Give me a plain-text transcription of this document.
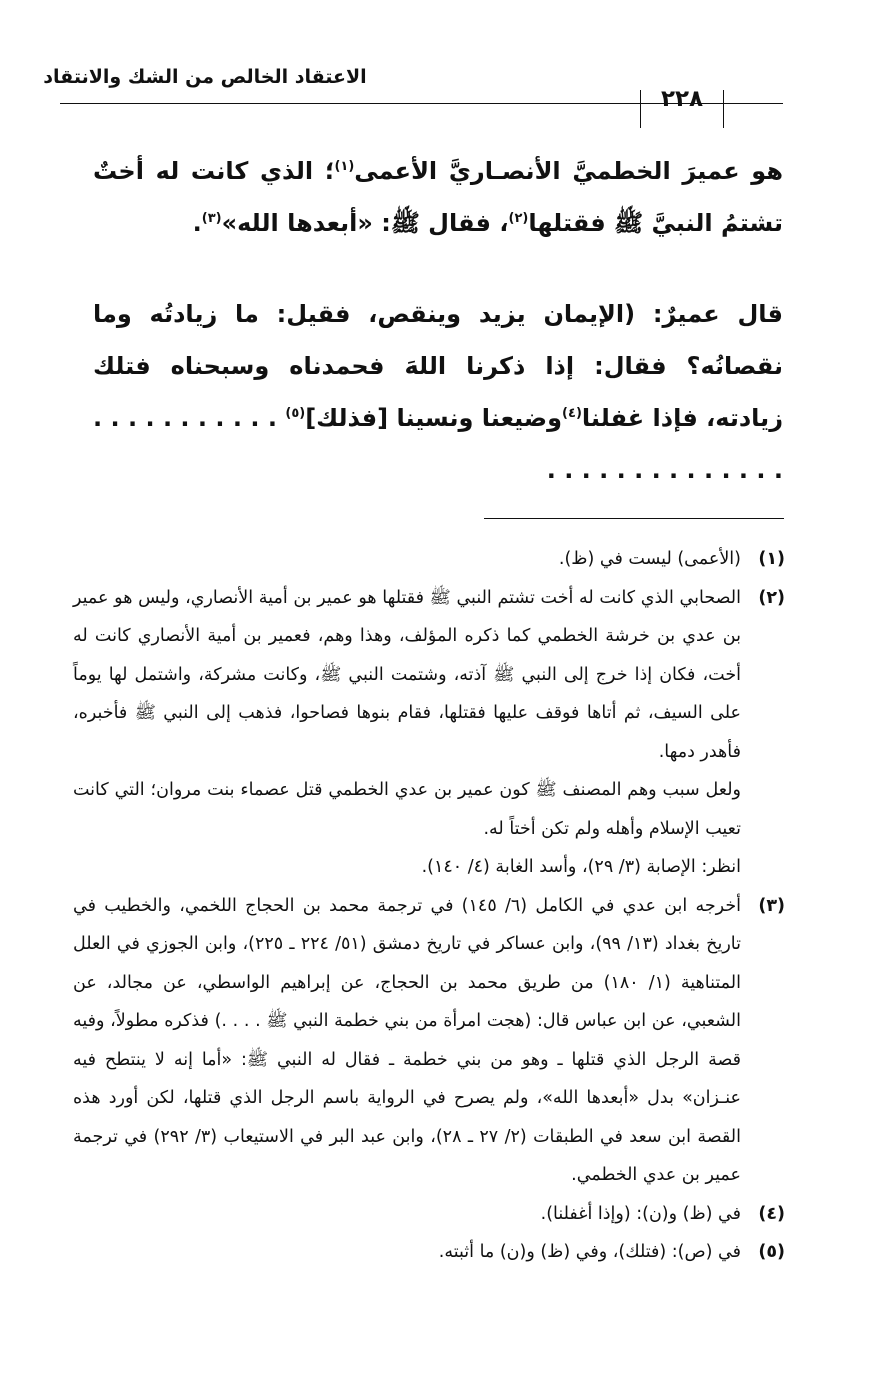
الاعتقاد الخالص من الشك والانتقاد
٢٢٨

هو عميرَ الخطميَّ الأنصـاريَّ الأعمى$^{(١)}$؛ الذي كانت له أختٌ تشتمُ النبيَّ ﷺ فقتلها$^{(٢)}$، فقال ﷺ: «أبعدها الله»$^{(٣)}$.

قال عميرٌ: (الإيمان يزيد وينقص، فقيل: ما زيادتُه وما نقصانُه؟ فقال: إذا ذكرنا اللهَ فحمدناه وسبحناه فتلك زيادته، فإذا غفلنا$^{(٤)}$وضيعنا ونسينا [فذلك]$^{(٥)}$ . . . . . . . . . . . . . . . . . . . . . . . . .

(١)

(الأعمى) ليست في (ظ).

(٢)

الصحابي الذي كانت له أخت تشتم النبي ﷺ فقتلها هو عمير بن أمية الأنصاري، وليس هو عمير بن عدي بن خرشة الخطمي كما ذكره المؤلف، وهذا وهم، فعمير بن أمية الأنصاري كانت له أخت، فكان إذا خرج إلى النبي ﷺ آذته، وشتمت النبي ﷺ، وكانت مشركة، واشتمل لها يوماً على السيف، ثم أتاها فوقف عليها فقتلها، فقام بنوها فصاحوا، فذهب إلى النبي ﷺ فأخبره، فأهدر دمها.

ولعل سبب وهم المصنف ﷺ كون عمير بن عدي الخطمي قتل عصماء بنت مروان؛ التي كانت تعيب الإسلام وأهله ولم تكن أختاً له.

انظر: الإصابة (٣/ ٢٩)، وأسد الغابة (٤/ ١٤٠).

(٣)

أخرجه ابن عدي في الكامل (٦/ ١٤٥) في ترجمة محمد بن الحجاج اللخمي، والخطيب في تاريخ بغداد (١٣/ ٩٩)، وابن عساكر في تاريخ دمشق (٥١/ ٢٢٤ ـ ٢٢٥)، وابن الجوزي في العلل المتناهية (١/ ١٨٠) من طريق محمد بن الحجاج، عن إبراهيم الواسطي، عن مجالد، عن الشعبي، عن ابن عباس قال: (هجت امرأة من بني خطمة النبي ﷺ . . . .) فذكره مطولاً، وفيه قصة الرجل الذي قتلها ـ وهو من بني خطمة ـ فقال له النبي ﷺ: «أما إنه لا ينتطح فيه عنـزان» بدل «أبعدها الله»، ولم يصرح في الرواية باسم الرجل الذي قتلها، لكن أورد هذه القصة ابن سعد في الطبقات (٢/ ٢٧ ـ ٢٨)، وابن عبد البر في الاستيعاب (٣/ ٢٩٢) في ترجمة عمير بن عدي الخطمي.

(٤)

في (ظ) و(ن): (وإذا أغفلنا).

(٥)

في (ص): (فتلك)، وفي (ظ) و(ن) ما أثبته.
